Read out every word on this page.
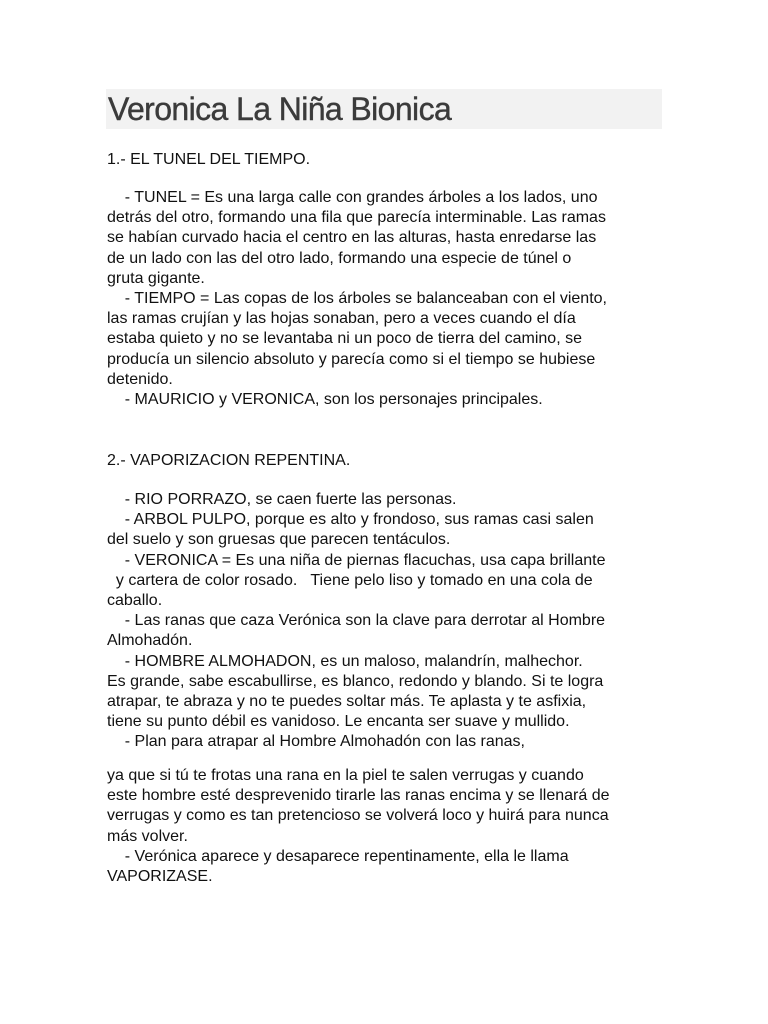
Veronica La Niña Bionica
1.- EL TUNEL DEL TIEMPO.
- TUNEL = Es una larga calle con grandes árboles a los lados, uno
detrás del otro, formando una fila que parecía interminable. Las ramas
se habían curvado hacia el centro en las alturas, hasta enredarse las
de un lado con las del otro lado, formando una especie de túnel o
gruta gigante.
- TIEMPO = Las copas de los árboles se balanceaban con el viento,
las ramas crujían y las hojas sonaban, pero a veces cuando el día
estaba quieto y no se levantaba ni un poco de tierra del camino, se
producía un silencio absoluto y parecía como si el tiempo se hubiese
detenido.
- MAURICIO y VERONICA, son los personajes principales.
2.- VAPORIZACION REPENTINA.
- RIO PORRAZO, se caen fuerte las personas.
- ARBOL PULPO, porque es alto y frondoso, sus ramas casi salen
del suelo y son gruesas que parecen tentáculos.
- VERONICA = Es una niña de piernas flacuchas, usa capa brillante
y cartera de color rosado.   Tiene pelo liso y tomado en una cola de
caballo.
- Las ranas que caza Verónica son la clave para derrotar al Hombre
Almohadón.
- HOMBRE ALMOHADON, es un maloso, malandrín, malhechor.
Es grande, sabe escabullirse, es blanco, redondo y blando. Si te logra
atrapar, te abraza y no te puedes soltar más. Te aplasta y te asfixia,
tiene su punto débil es vanidoso. Le encanta ser suave y mullido.
- Plan para atrapar al Hombre Almohadón con las ranas,
ya que si tú te frotas una rana en la piel te salen verrugas y cuando
este hombre esté desprevenido tirarle las ranas encima y se llenará de
verrugas y como es tan pretencioso se volverá loco y huirá para nunca
más volver.
- Verónica aparece y desaparece repentinamente, ella le llama
VAPORIZASE.
